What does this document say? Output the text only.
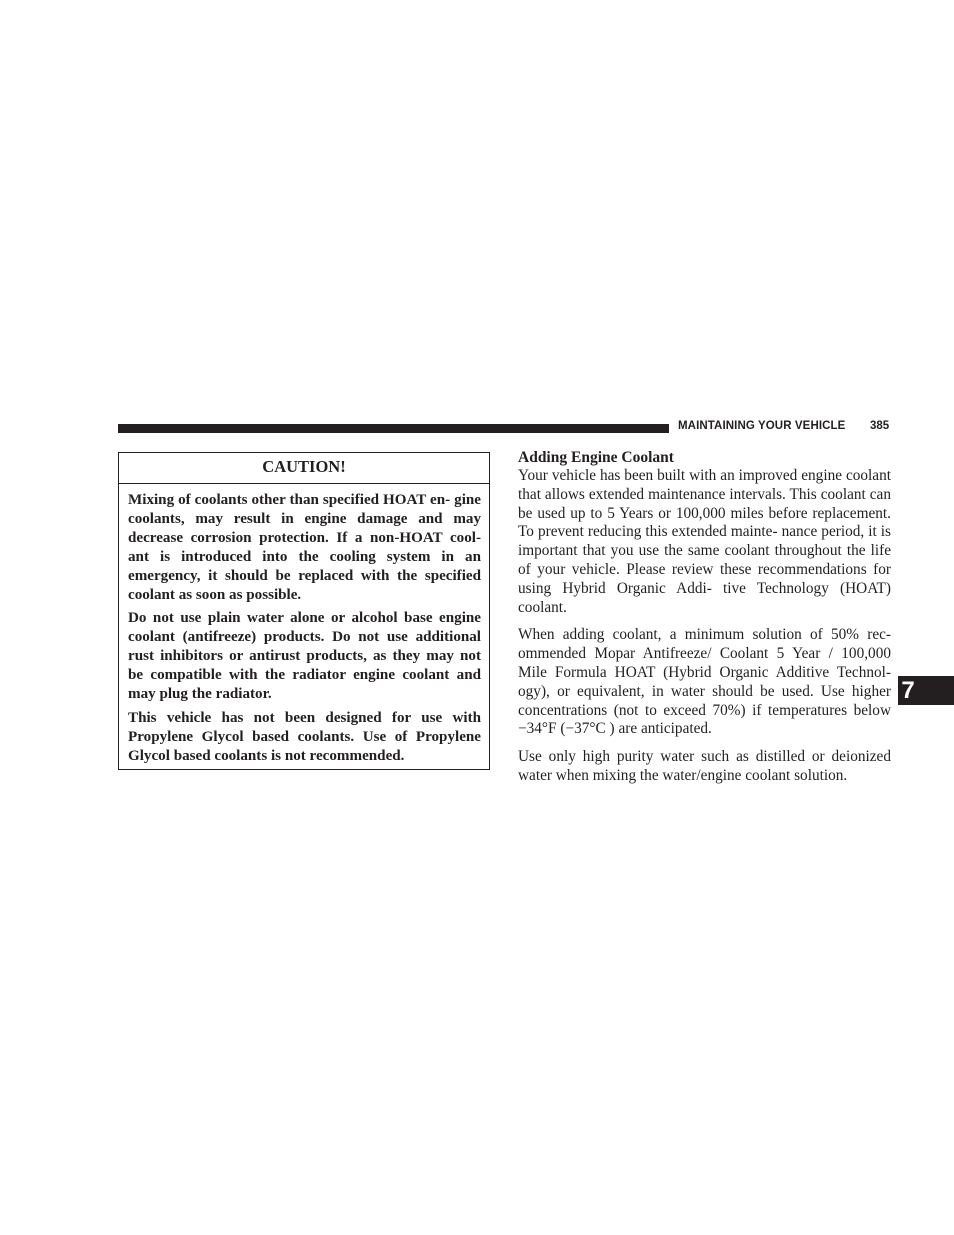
MAINTAINING YOUR VEHICLE 385
CAUTION!

Mixing of coolants other than specified HOAT en- gine coolants, may result in engine damage and may decrease corrosion protection. If a non-HOAT cool- ant is introduced into the cooling system in an emergency, it should be replaced with the specified coolant as soon as possible.

Do not use plain water alone or alcohol base engine coolant (antifreeze) products. Do not use additional rust inhibitors or antirust products, as they may not be compatible with the radiator engine coolant and may plug the radiator.

This vehicle has not been designed for use with Propylene Glycol based coolants. Use of Propylene Glycol based coolants is not recommended.

Adding Engine Coolant

Your vehicle has been built with an improved engine coolant that allows extended maintenance intervals. This coolant can be used up to 5 Years or 100,000 miles before replacement. To prevent reducing this extended mainte- nance period, it is important that you use the same coolant throughout the life of your vehicle. Please review these recommendations for using Hybrid Organic Addi- tive Technology (HOAT) coolant.

When adding coolant, a minimum solution of 50% rec- ommended Mopar Antifreeze/ Coolant 5 Year / 100,000 Mile Formula HOAT (Hybrid Organic Additive Technol- ogy), or equivalent, in water should be used. Use higher concentrations (not to exceed 70%) if temperatures below −34°F (−37°C ) are anticipated.

Use only high purity water such as distilled or deionized water when mixing the water/engine coolant solution.

7
